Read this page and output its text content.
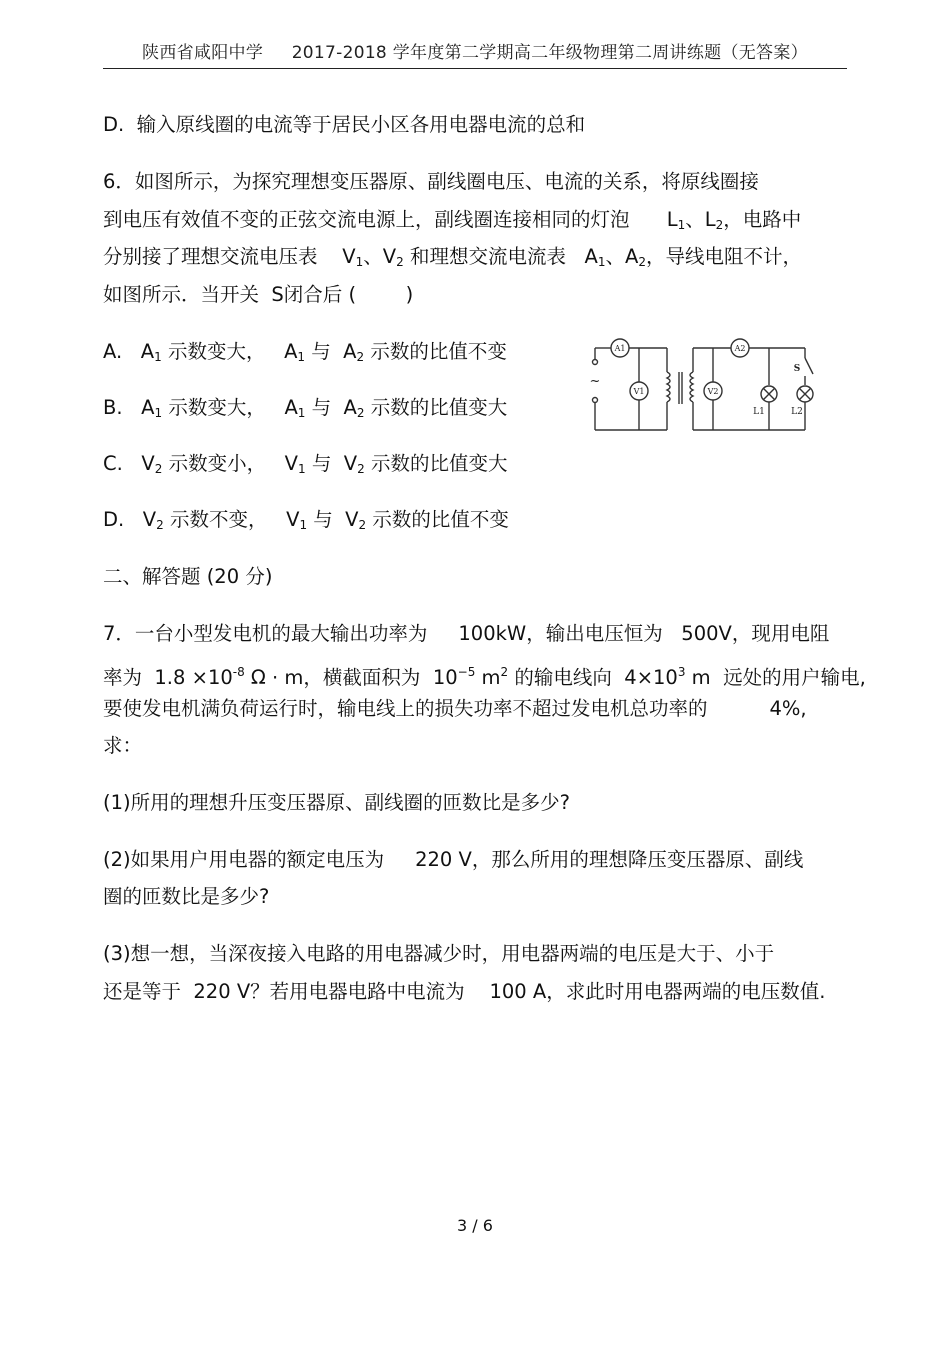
陕西省咸阳中学 2017-2018 学年度第二学期高二年级物理第二周讲练题（无答案）
D.  输入原线圈的电流等于居民小区各用电器电流的总和
6．如图所示，为探究理想变压器原、副线圈电压、电流的关系，将原线圈接
到电压有效值不变的正弦交流电源上，副线圈连接相同的灯泡      $L_1$、$L_2$，电路中
分别接了理想交流电压表    $V_1$、$V_2$ 和理想交流电流表   $A_1$、$A_2$，导线电阻不计，
如图所示．当开关  S闭合后 (        )
A.   $A_1$ 示数变大，   $A_1$ 与  $A_2$ 示数的比值不变
B.   $A_1$ 示数变大，   $A_1$ 与  $A_2$ 示数的比值变大
C.   $V_2$ 示数变小，   $V_1$ 与  $V_2$ 示数的比值变大
D.   $V_2$ 示数不变，   $V_1$ 与  $V_2$ 示数的比值不变
A1	A2
V1	V2
S
L1	L2
~
二、解答题 (20 分)
7．一台小型发电机的最大输出功率为     100kW，输出电压恒为   500V，现用电阻
率为  $1.8 \times 10^{-8}$ Ω · m，横截面积为  $10^{-5}$ $m^2$ 的输电线向  $4\times 10^3$ m  远处的用户输电,
要使发电机满负荷运行时，输电线上的损失功率不超过发电机总功率的          4%,
求：
(1)所用的理想升压变压器原、副线圈的匝数比是多少?
(2)如果用户用电器的额定电压为     220 V，那么所用的理想降压变压器原、副线
圈的匝数比是多少?
(3)想一想，当深夜接入电路的用电器减少时，用电器两端的电压是大于、小于
还是等于  220 V？若用电器电路中电流为    100 A，求此时用电器两端的电压数值.
3 / 6
